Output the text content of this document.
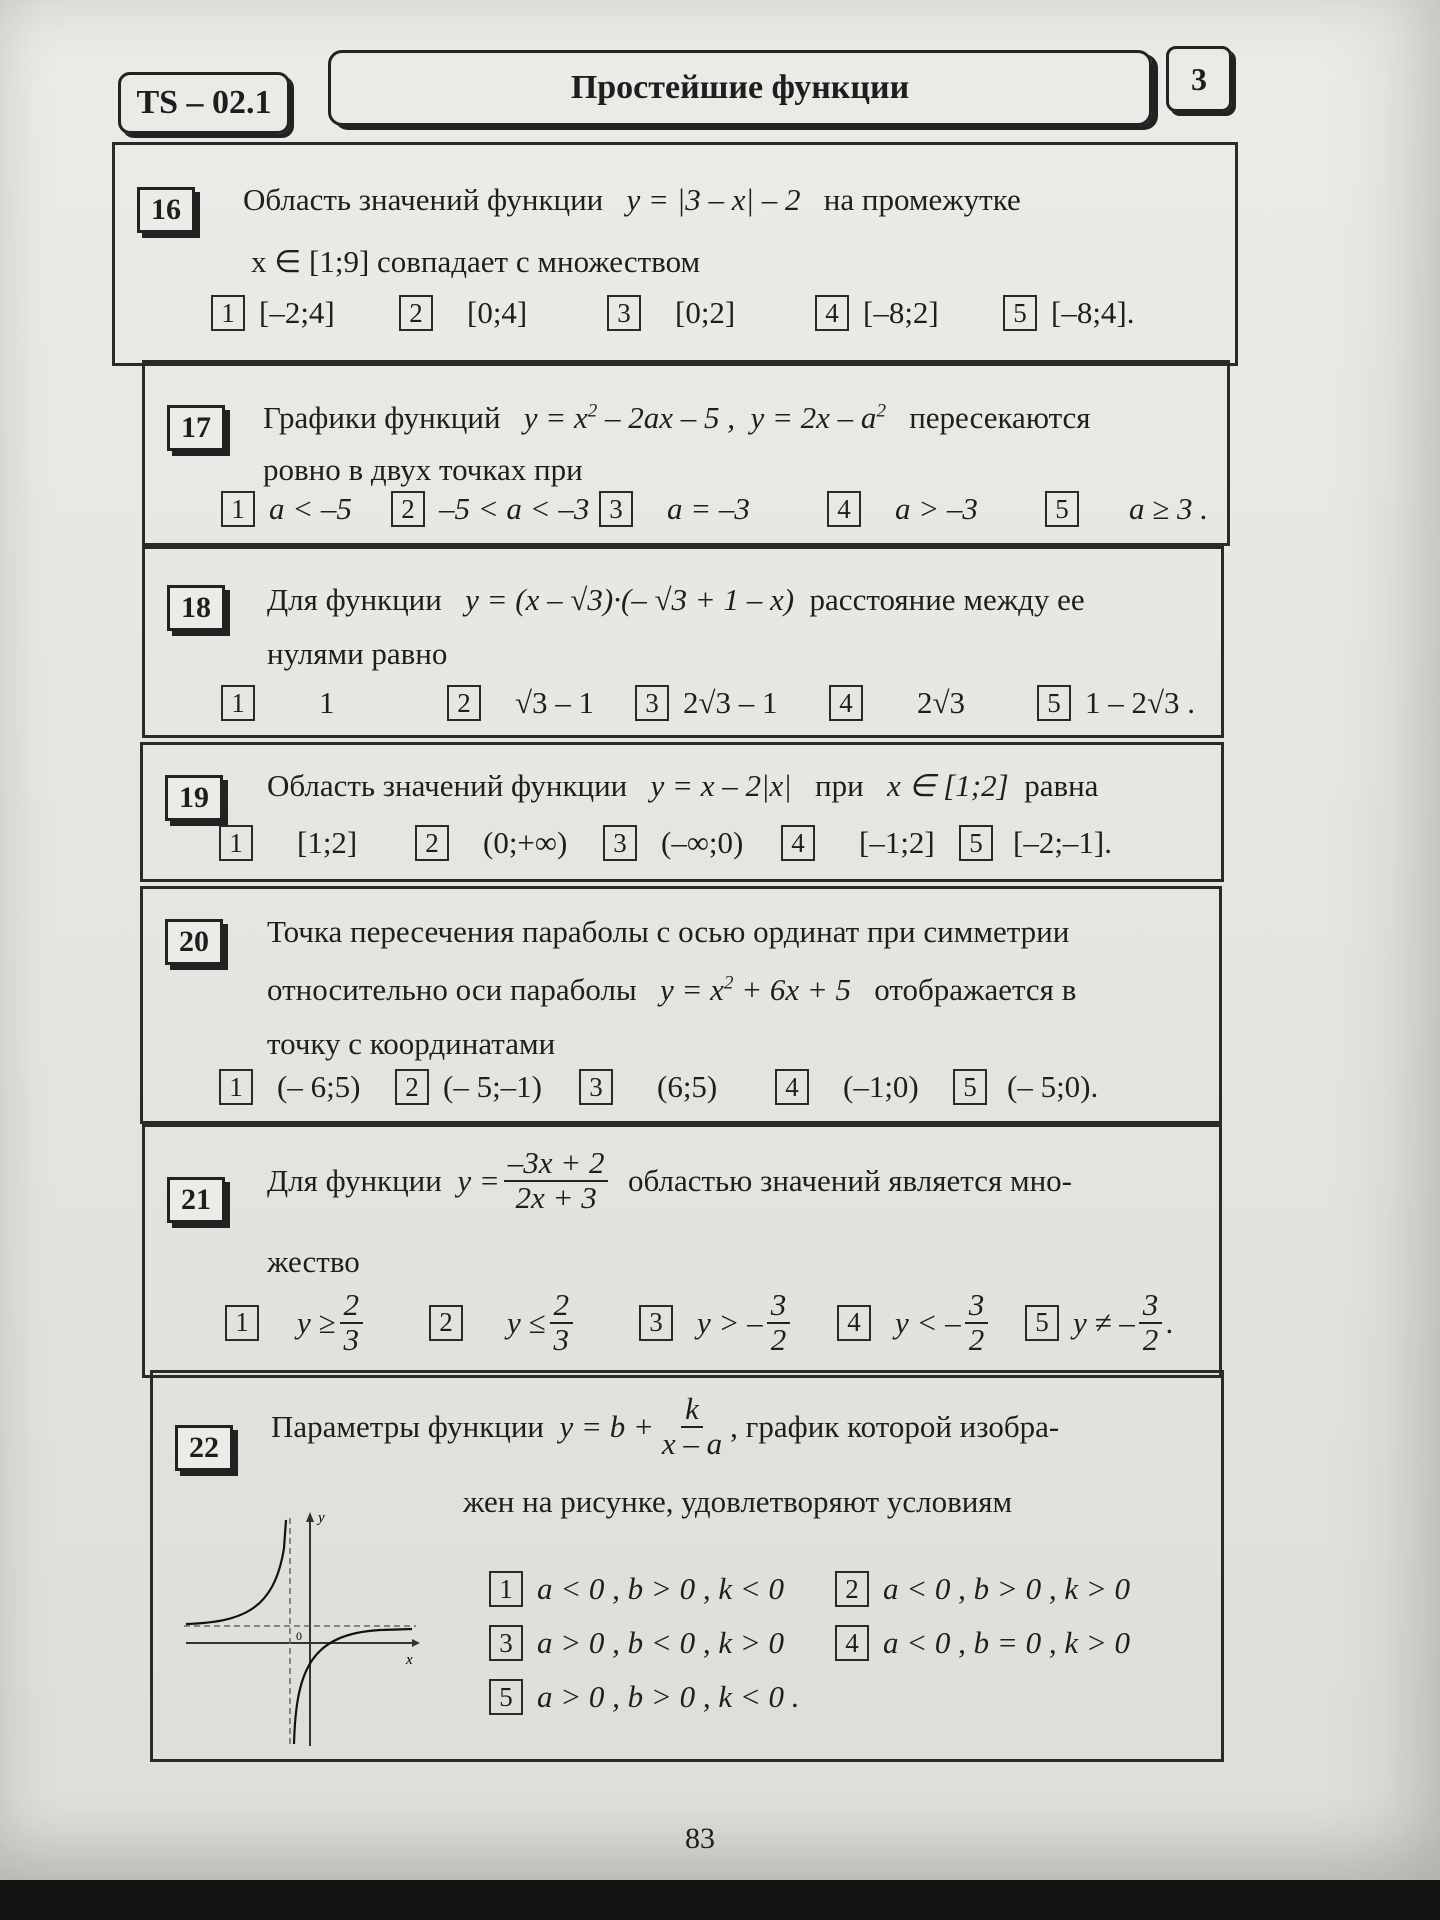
TS – 02.1	Простейшие функции	3
16	Область значений функции y = |3 – x| – 2 на промежутке
x ∈ [1;9] совпадает с множеством
1 [–2;4]	2	[0;4]	3	[0;2]	4 [–8;2]	5 [–8;4].
17	Графики функций $y = x^2 - 2ax - 5$ ,  $y = 2x - a^2$ пересекаются
ровно в двух точках при
1 a < –5	2 –5 < a < –3 3	a = –3	4	a > –3	5	a ≥ 3 .
18	Для функции y = (x – √3)·(– √3 + 1 – x) расстояние между ее
нулями равно
1	1	2	√3 – 1	3 2√3 – 1	4	2√3	5 1 – 2√3 .
19	Область значений функции y = x – 2|x| при x ∈ [1;2] равна
1	[1;2]	2	(0;+∞)	3	(–∞;0)	4	[–1;2]	5 [–2;–1].
20	Точка пересечения параболы с осью ординат при симметрии
относительно оси параболы $y = x^2 + 6x + 5$ отображается в
точку с координатами
1	(– 6;5)	2 (– 5;–1)	3	(6;5)	4	(–1;0)	5 (– 5;0).
21
Для функции
$y = \frac{-3x + 2}{2x + 3}$
областью значений является мно-
жество
1	$y \ge \frac{2}{3}$	2	$y \le \frac{2}{3}$	3	y > – $\frac{3}{2}$	4	y < – $\frac{3}{2}$	5 y ≠ – $\frac{3}{2}$ .
22
Параметры функции
$y = b + \frac{k}{x - a}$ , график которой изобра-
жен на рисунке, удовлетворяют условиям
1 a < 0 , b > 0 , k < 0	2 a < 0 , b > 0 , k > 0
3 a > 0 , b < 0 , k > 0	4 a < 0 , b = 0 , k > 0
5 a > 0 , b > 0 , k < 0 .
y
x
0
83
